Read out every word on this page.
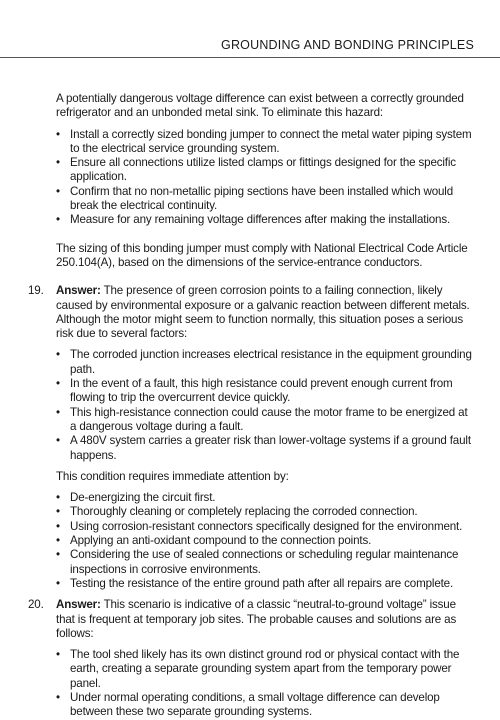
GROUNDING AND BONDING PRINCIPLES

A potentially dangerous voltage difference can exist between a correctly grounded refrigerator and an unbonded metal sink. To eliminate this hazard:

• Install a correctly sized bonding jumper to connect the metal water piping system to the electrical service grounding system.
• Ensure all connections utilize listed clamps or fittings designed for the specific application.
• Confirm that no non-metallic piping sections have been installed which would break the electrical continuity.
• Measure for any remaining voltage differences after making the installations.

The sizing of this bonding jumper must comply with National Electrical Code Article 250.104(A), based on the dimensions of the service-entrance conductors.

19. Answer: The presence of green corrosion points to a failing connection, likely caused by environmental exposure or a galvanic reaction between different metals. Although the motor might seem to function normally, this situation poses a serious risk due to several factors:

• The corroded junction increases electrical resistance in the equipment grounding path.
• In the event of a fault, this high resistance could prevent enough current from flowing to trip the overcurrent device quickly.
• This high-resistance connection could cause the motor frame to be energized at a dangerous voltage during a fault.
• A 480V system carries a greater risk than lower-voltage systems if a ground fault happens.

This condition requires immediate attention by:

• De-energizing the circuit first.
• Thoroughly cleaning or completely replacing the corroded connection.
• Using corrosion-resistant connectors specifically designed for the environment.
• Applying an anti-oxidant compound to the connection points.
• Considering the use of sealed connections or scheduling regular maintenance inspections in corrosive environments.
• Testing the resistance of the entire ground path after all repairs are complete.
20. Answer: This scenario is indicative of a classic “neutral-to-ground voltage” issue that is frequent at temporary job sites. The probable causes and solutions are as follows:

• The tool shed likely has its own distinct ground rod or physical contact with the earth, creating a separate grounding system apart from the temporary power panel.
• Under normal operating conditions, a small voltage difference can develop between these two separate grounding systems.
